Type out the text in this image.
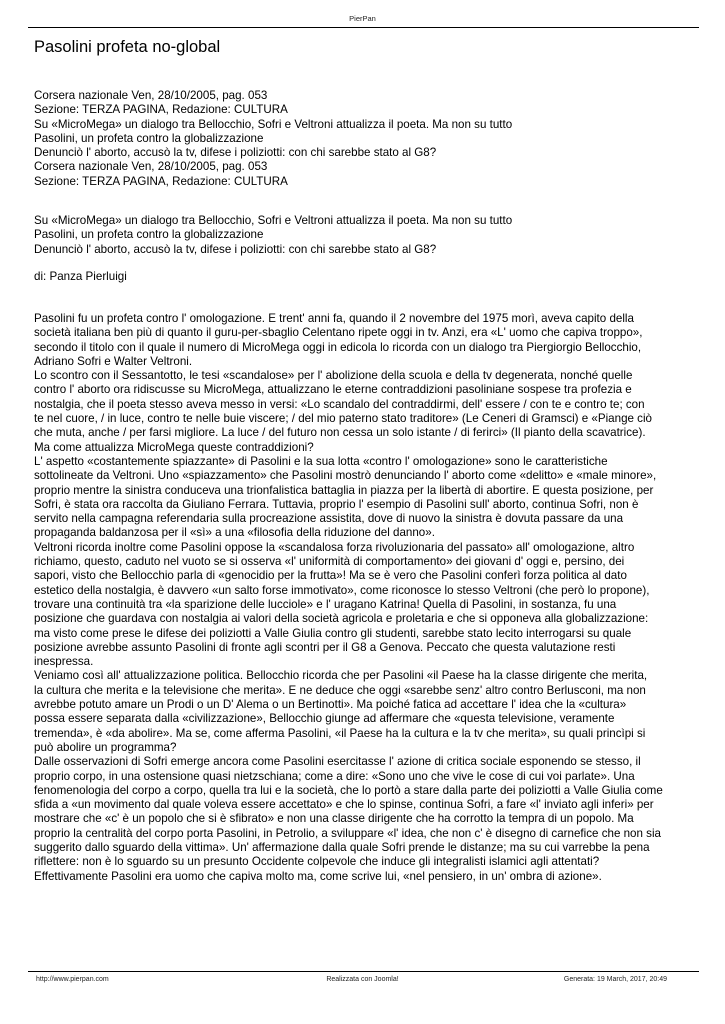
PierPan
Pasolini profeta no-global

Corsera nazionale Ven, 28/10/2005, pag. 053

Sezione: TERZA PAGINA, Redazione: CULTURA

Su «MicroMega» un dialogo tra Bellocchio, Sofri e Veltroni attualizza il poeta. Ma non su tutto

Pasolini, un profeta contro la globalizzazione

Denunciò l' aborto, accusò la tv, difese i poliziotti: con chi sarebbe stato al G8?

Corsera nazionale Ven, 28/10/2005, pag. 053

Sezione: TERZA PAGINA, Redazione: CULTURA

Su «MicroMega» un dialogo tra Bellocchio, Sofri e Veltroni attualizza il poeta. Ma non su tutto

Pasolini, un profeta contro la globalizzazione

Denunciò l' aborto, accusò la tv, difese i poliziotti: con chi sarebbe stato al G8?

di: Panza Pierluigi

Pasolini fu un profeta contro l' omologazione. E trent' anni fa, quando il 2 novembre del 1975 morì, aveva capito della

società italiana ben più di quanto il guru-per-sbaglio Celentano ripete oggi in tv. Anzi, era «L' uomo che capiva troppo»,

secondo il titolo con il quale il numero di MicroMega oggi in edicola lo ricorda con un dialogo tra Piergiorgio Bellocchio,

Adriano Sofri e Walter Veltroni.

Lo scontro con il Sessantotto, le tesi «scandalose» per l' abolizione della scuola e della tv degenerata, nonché quelle

contro l' aborto ora ridiscusse su MicroMega, attualizzano le eterne contraddizioni pasoliniane sospese tra profezia e

nostalgia, che il poeta stesso aveva messo in versi: «Lo scandalo del contraddirmi, dell' essere / con te e contro te; con

te nel cuore, / in luce, contro te nelle buie viscere; / del mio paterno stato traditore» (Le Ceneri di Gramsci) e «Piange ciò

che muta, anche / per farsi migliore. La luce / del futuro non cessa un solo istante / di ferirci» (Il pianto della scavatrice).

Ma come attualizza MicroMega queste contraddizioni?

L' aspetto «costantemente spiazzante» di Pasolini e la sua lotta «contro l' omologazione» sono le caratteristiche

sottolineate da Veltroni. Uno «spiazzamento» che Pasolini mostrò denunciando l' aborto come «delitto» e «male minore»,

proprio mentre la sinistra conduceva una trionfalistica battaglia in piazza per la libertà di abortire. E questa posizione, per

Sofri, è stata ora raccolta da Giuliano Ferrara. Tuttavia, proprio l' esempio di Pasolini sull' aborto, continua Sofri, non è

servito nella campagna referendaria sulla procreazione assistita, dove di nuovo la sinistra è dovuta passare da una

propaganda baldanzosa per il «sì» a una «filosofia della riduzione del danno».

Veltroni ricorda inoltre come Pasolini oppose la «scandalosa forza rivoluzionaria del passato» all' omologazione, altro

richiamo, questo, caduto nel vuoto se si osserva «l' uniformità di comportamento» dei giovani d' oggi e, persino, dei

sapori, visto che Bellocchio parla di «genocidio per la frutta»! Ma se è vero che Pasolini conferì forza politica al dato

estetico della nostalgia, è davvero «un salto forse immotivato», come riconosce lo stesso Veltroni (che però lo propone),

trovare una continuità tra «la sparizione delle lucciole» e l' uragano Katrina! Quella di Pasolini, in sostanza, fu una

posizione che guardava con nostalgia ai valori della società agricola e proletaria e che si opponeva alla globalizzazione:

ma visto come prese le difese dei poliziotti a Valle Giulia contro gli studenti, sarebbe stato lecito interrogarsi su quale

posizione avrebbe assunto Pasolini di fronte agli scontri per il G8 a Genova. Peccato che questa valutazione resti

inespressa.

Veniamo così all' attualizzazione politica. Bellocchio ricorda che per Pasolini «il Paese ha la classe dirigente che merita,

la cultura che merita e la televisione che merita». E ne deduce che oggi «sarebbe senz' altro contro Berlusconi, ma non

avrebbe potuto amare un Prodi o un D' Alema o un Bertinotti». Ma poiché fatica ad accettare l' idea che la «cultura»

possa essere separata dalla «civilizzazione», Bellocchio giunge ad affermare che «questa televisione, veramente

tremenda», è «da abolire». Ma se, come afferma Pasolini, «il Paese ha la cultura e la tv che merita», su quali princìpi si

può abolire un programma?

Dalle osservazioni di Sofri emerge ancora come Pasolini esercitasse l' azione di critica sociale esponendo se stesso, il

proprio corpo, in una ostensione quasi nietzschiana; come a dire: «Sono uno che vive le cose di cui voi parlate». Una

fenomenologia del corpo a corpo, quella tra lui e la società, che lo portò a stare dalla parte dei poliziotti a Valle Giulia come

sfida a «un movimento dal quale voleva essere accettato» e che lo spinse, continua Sofri, a fare «l' inviato agli inferi» per

mostrare che «c' è un popolo che si è sfibrato» e non una classe dirigente che ha corrotto la tempra di un popolo. Ma

proprio la centralità del corpo porta Pasolini, in Petrolio, a sviluppare «l' idea, che non c' è disegno di carnefice che non sia

suggerito dallo sguardo della vittima». Un' affermazione dalla quale Sofri prende le distanze; ma su cui varrebbe la pena

riflettere: non è lo sguardo su un presunto Occidente colpevole che induce gli integralisti islamici agli attentati?

Effettivamente Pasolini era uomo che capiva molto ma, come scrive lui, «nel pensiero, in un' ombra di azione».

http://www.pierpan.com	Realizzata con Joomla!	Generata: 19 March, 2017, 20:49
